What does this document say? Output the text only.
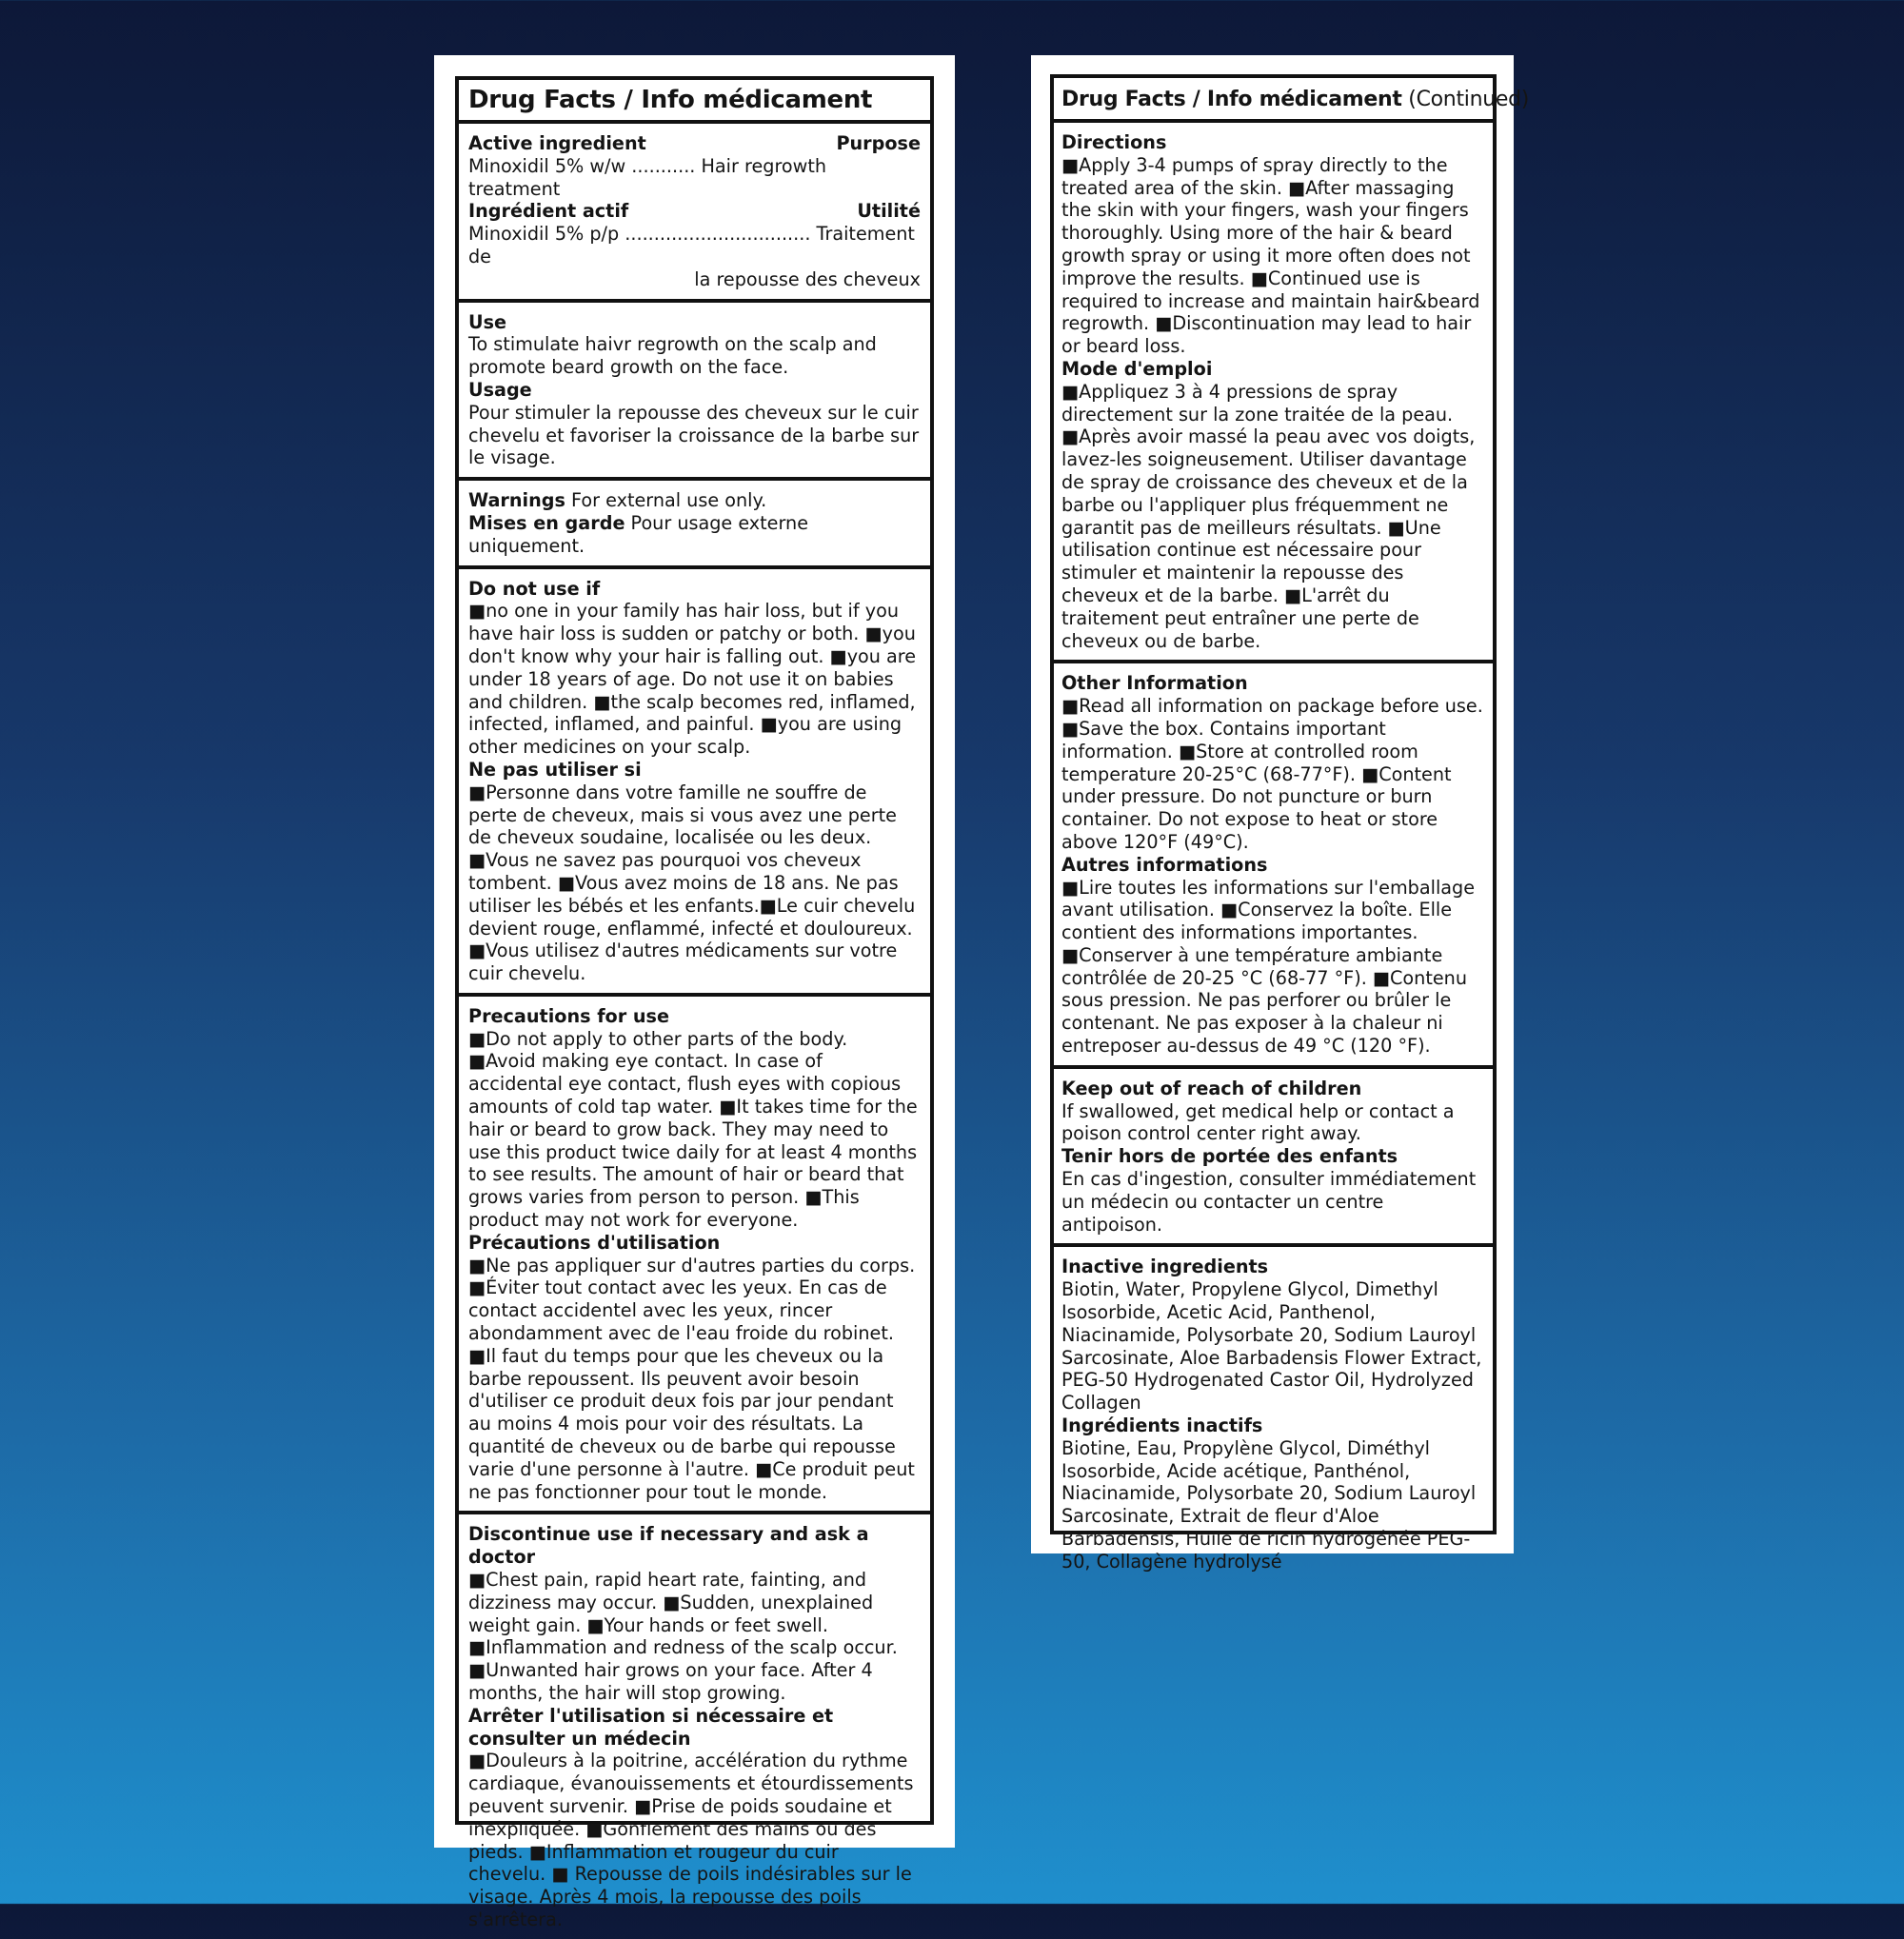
Drug Facts / Info médicament
Active ingredient	Purpose

Minoxidil 5% w/w ........... Hair regrowth treatment

Ingrédient actif	Utilité

Minoxidil 5% p/p ................................ Traitement de

la repousse des cheveux

Use

To stimulate haivr regrowth on the scalp and promote beard growth on the face.

Usage

Pour stimuler la repousse des cheveux sur le cuir chevelu et favoriser la croissance de la barbe sur le visage.

Warnings For external use only.

Mises en garde Pour usage externe uniquement.

Do not use if

■no one in your family has hair loss, but if you have hair loss is sudden or patchy or both. ■you don't know why your hair is falling out. ■you are under 18 years of age. Do not use it on babies and children. ■the scalp becomes red, inflamed, infected, inflamed, and painful. ■you are using other medicines on your scalp.

Ne pas utiliser si

■Personne dans votre famille ne souffre de perte de cheveux, mais si vous avez une perte de cheveux soudaine, localisée ou les deux. ■Vous ne savez pas pourquoi vos cheveux tombent. ■Vous avez moins de 18 ans. Ne pas utiliser les bébés et les enfants.■Le cuir chevelu devient rouge, enflammé, infecté et douloureux. ■Vous utilisez d'autres médicaments sur votre cuir chevelu.

Precautions for use

■Do not apply to other parts of the body. ■Avoid making eye contact. In case of accidental eye contact, flush eyes with copious amounts of cold tap water. ■It takes time for the hair or beard to grow back. They may need to use this product twice daily for at least 4 months to see results. The amount of hair or beard that grows varies from person to person. ■This product may not work for everyone.

Précautions d'utilisation

■Ne pas appliquer sur d'autres parties du corps. ■Éviter tout contact avec les yeux. En cas de contact accidentel avec les yeux, rincer abondamment avec de l'eau froide du robinet. ■Il faut du temps pour que les cheveux ou la barbe repoussent. Ils peuvent avoir besoin d'utiliser ce produit deux fois par jour pendant au moins 4 mois pour voir des résultats. La quantité de cheveux ou de barbe qui repousse varie d'une personne à l'autre. ■Ce produit peut ne pas fonctionner pour tout le monde.

Discontinue use if necessary and ask a doctor

■Chest pain, rapid heart rate, fainting, and dizziness may occur. ■Sudden, unexplained weight gain. ■Your hands or feet swell. ■Inflammation and redness of the scalp occur. ■Unwanted hair grows on your face. After 4 months, the hair will stop growing.

Arrêter l'utilisation si nécessaire et consulter un médecin

■Douleurs à la poitrine, accélération du rythme cardiaque, évanouissements et étourdissements peuvent survenir. ■Prise de poids soudaine et inexpliquée. ■Gonflement des mains ou des pieds. ■Inflammation et rougeur du cuir chevelu. ■ Repousse de poils indésirables sur le visage. Après 4 mois, la repousse des poils s'arrêtera.

Drug Facts / Info médicament (Continued)

Directions

■Apply 3-4 pumps of spray directly to the treated area of the skin. ■After massaging the skin with your fingers, wash your fingers thoroughly. Using more of the hair & beard growth spray or using it more often does not improve the results. ■Continued use is required to increase and maintain hair&beard regrowth. ■Discontinuation may lead to hair or beard loss.

Mode d'emploi

■Appliquez 3 à 4 pressions de spray directement sur la zone traitée de la peau. ■Après avoir massé la peau avec vos doigts, lavez-les soigneusement. Utiliser davantage de spray de croissance des cheveux et de la barbe ou l'appliquer plus fréquemment ne garantit pas de meilleurs résultats. ■Une utilisation continue est nécessaire pour stimuler et maintenir la repousse des cheveux et de la barbe. ■L'arrêt du traitement peut entraîner une perte de cheveux ou de barbe.

Other Information

■Read all information on package before use. ■Save the box. Contains important information. ■Store at controlled room temperature 20-25°C (68-77°F). ■Content under pressure. Do not puncture or burn container. Do not expose to heat or store above 120°F (49°C).

Autres informations

■Lire toutes les informations sur l'emballage avant utilisation. ■Conservez la boîte. Elle contient des informations importantes. ■Conserver à une température ambiante contrôlée de 20-25 °C (68-77 °F). ■Contenu sous pression. Ne pas perforer ou brûler le contenant. Ne pas exposer à la chaleur ni entreposer au-dessus de 49 °C (120 °F).

Keep out of reach of children

If swallowed, get medical help or contact a poison control center right away.

Tenir hors de portée des enfants

En cas d'ingestion, consulter immédiatement un médecin ou contacter un centre antipoison.

Inactive ingredients

Biotin, Water, Propylene Glycol, Dimethyl Isosorbide, Acetic Acid, Panthenol, Niacinamide, Polysorbate 20, Sodium Lauroyl Sarcosinate, Aloe Barbadensis Flower Extract, PEG-50 Hydrogenated Castor Oil, Hydrolyzed Collagen

Ingrédients inactifs

Biotine, Eau, Propylène Glycol, Diméthyl Isosorbide, Acide acétique, Panthénol, Niacinamide, Polysorbate 20, Sodium Lauroyl Sarcosinate, Extrait de fleur d'Aloe Barbadensis, Huile de ricin hydrogénée PEG-50, Collagène hydrolysé
